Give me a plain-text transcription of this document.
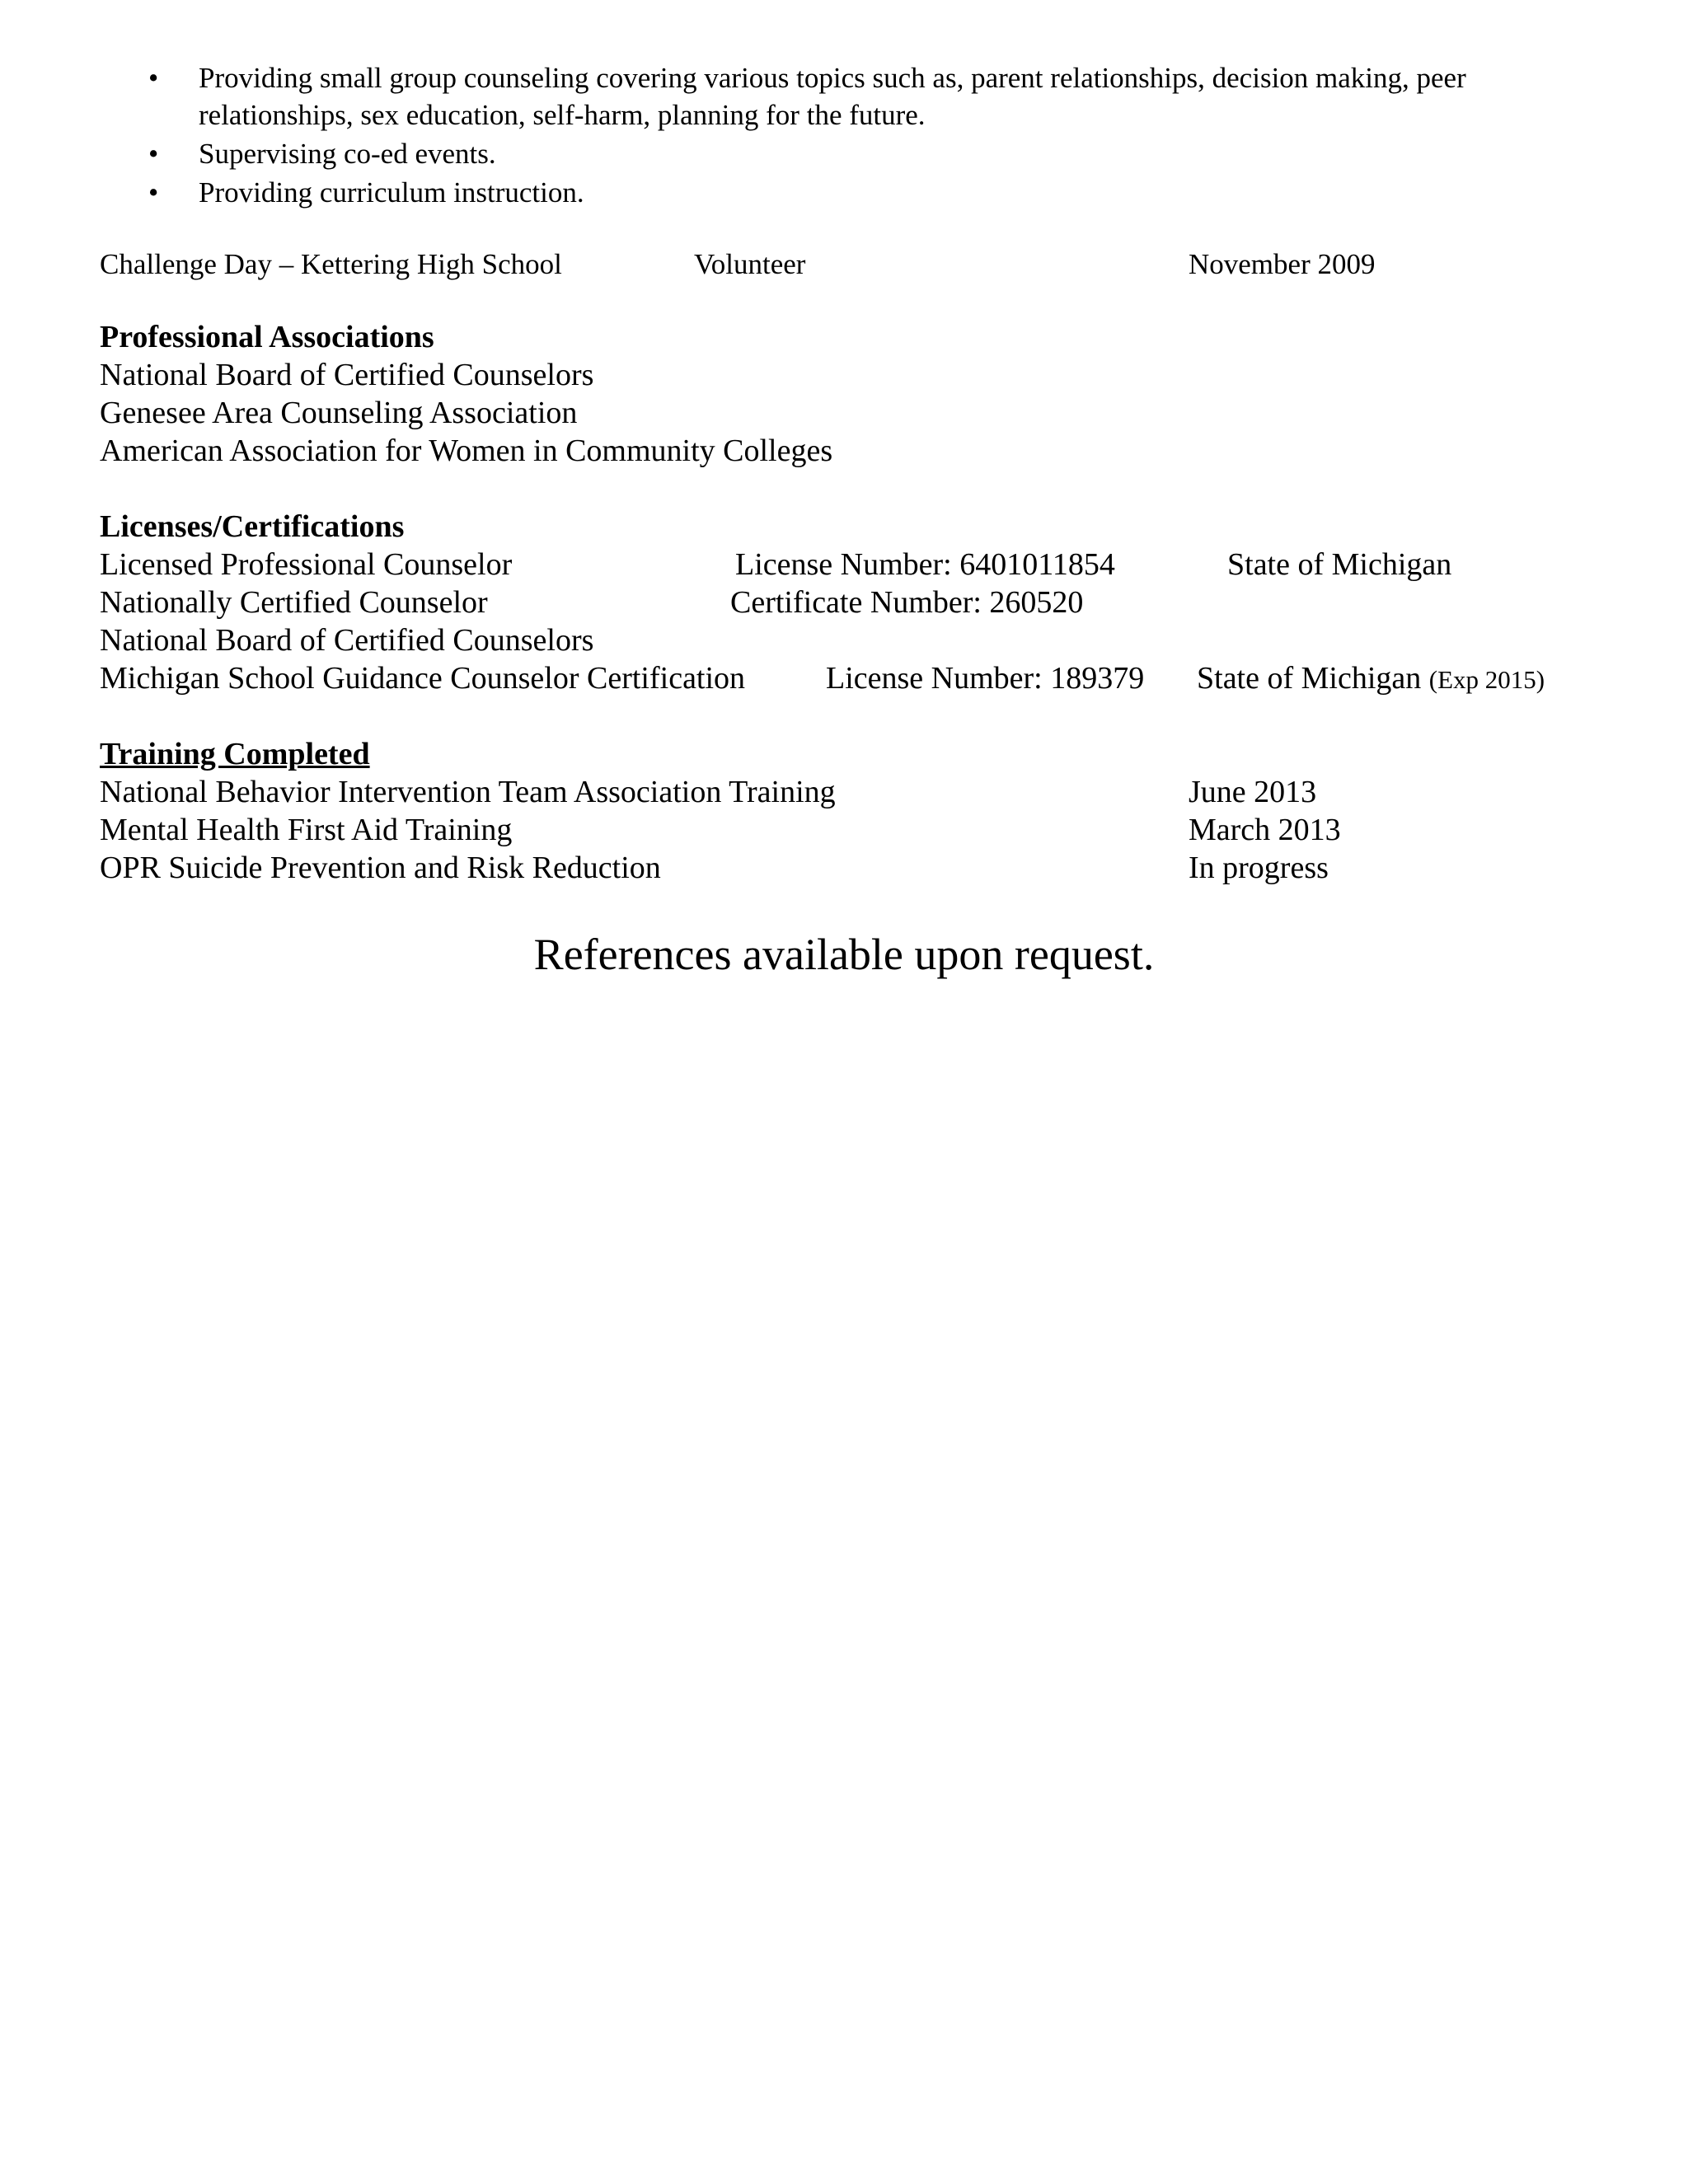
• Providing small group counseling covering various topics such as, parent relationships, decision making, peer relationships, sex education, self-harm, planning for the future.
• Supervising co-ed events.
• Providing curriculum instruction.
Challenge Day – Kettering High School	Volunteer	November 2009
Professional Associations
National Board of Certified Counselors
Genesee Area Counseling Association
American Association for Women in Community Colleges
Licenses/Certifications
Licensed Professional Counselor	License Number: 6401011854	State of Michigan
Nationally Certified Counselor	Certificate Number: 260520
National Board of Certified Counselors
Michigan School Guidance Counselor Certification	License Number: 189379 State of Michigan (Exp 2015)
Training Completed
National Behavior Intervention Team Association Training	June 2013
Mental Health First Aid Training	March 2013
OPR Suicide Prevention and Risk Reduction	In progress
References available upon request.
